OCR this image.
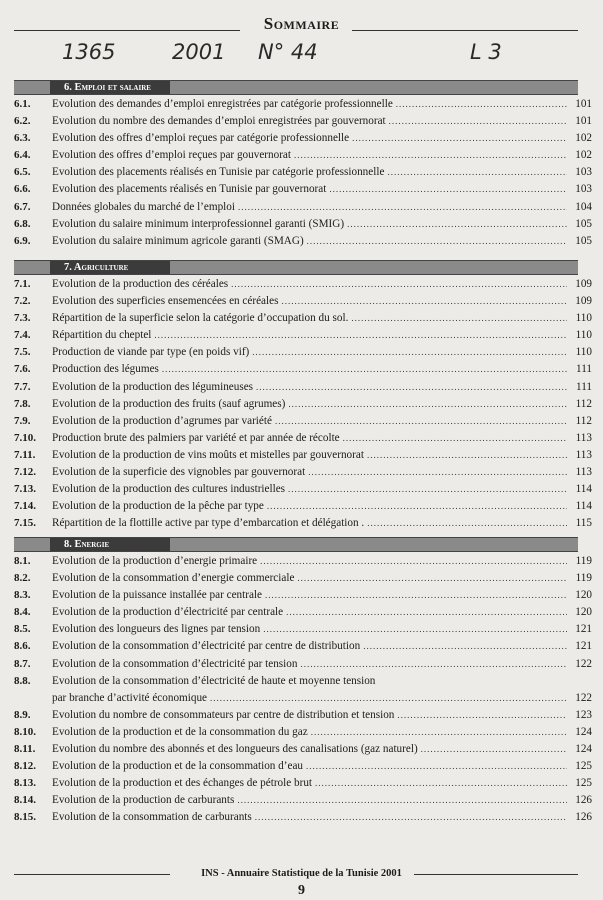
Sommaire
1365	2001 N° 44	L 3
6. Emploi et salaire
6.1.	Evolution des demandes d’emploi enregistrées par catégorie professionnelle .....	101
6.2.	Evolution du nombre des demandes d’emploi enregistrées par gouvernorat .....	101
6.3.	Evolution des offres d’emploi reçues par catégorie professionnelle .....	102
6.4.	Evolution des offres d’emploi reçues par gouvernorat .....	102
6.5.	Evolution des placements réalisés en Tunisie par catégorie professionnelle .....	103
6.6.	Evolution des placements réalisés en Tunisie par gouvernorat .....	103
6.7.	Données globales du marché de l’emploi .....	104
6.8.	Evolution du salaire minimum interprofessionnel garanti (SMIG) .....	105
6.9.	Evolution du salaire minimum agricole garanti (SMAG) .....	105
7. Agriculture
7.1.	Evolution de la production des céréales .....	109
7.2.	Evolution des superficies ensemencées en céréales .....	109
7.3.	Répartition de la superficie selon la catégorie d’occupation du sol. .....	110
7.4.	Répartition du cheptel .....	110
7.5.	Production de viande par type (en poids vif) .....	110
7.6.	Production des légumes .....	111
7.7.	Evolution de la production des légumineuses .....	111
7.8.	Evolution de la production des fruits (sauf agrumes) .....	112
7.9.	Evolution de la production d’agrumes par variété .....	112
7.10.	Production brute des palmiers par variété et par année de récolte .....	113
7.11.	Evolution de la production de vins moûts et mistelles par gouvernorat .....	113
7.12.	Evolution de la superficie des vignobles par gouvernorat .....	113
7.13.	Evolution de la production des cultures industrielles .....	114
7.14.	Evolution de la production de la pêche par type .....	114
7.15.	Répartition de la flottille active par type d’embarcation et délégation . .....	115
8. Energie
8.1.	Evolution de la production d’energie primaire .....	119
8.2.	Evolution de la consommation d’energie commerciale .....	119
8.3.	Evolution de la puissance installée par centrale .....	120
8.4.	Evolution de la production d’électricité par centrale .....	120
8.5.	Evolution des longueurs des lignes par tension .....	121
8.6.	Evolution de la consommation d’électricité par centre de distribution .....	121
8.7.	Evolution de la consommation d’électricité par tension .....	122
8.8.	Evolution de la consommation d’électricité de haute et moyenne tension
par branche d’activité économique .....	122
8.9.	Evolution du nombre de consommateurs par centre de distribution et tension .....	123
8.10.	Evolution de la production et de la consommation du gaz .....	124
8.11.	Evolution du nombre des abonnés et des longueurs des canalisations (gaz naturel) .....	124
8.12.	Evolution de la production et de la consommation d’eau .....	125
8.13.	Evolution de la production et des échanges de pétrole brut .....	125
8.14.	Evolution de la production de carburants .....	126
8.15.	Evolution de la consommation de carburants .....	126
INS - Annuaire Statistique de la Tunisie 2001
9
